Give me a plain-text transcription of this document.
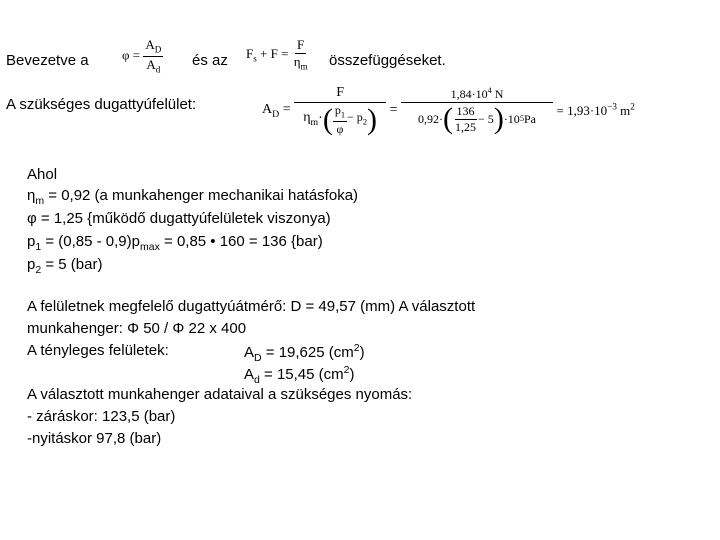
Bevezetve a	$\varphi = \frac{A_D}{A_d}$ és az $F_s + F = \frac{F}{\eta_m}$ összefüggéseket.
A szükséges dugattyúfelület:	$A_D$ =
F
$\eta_m$ · ( $\frac{p_1}{\varphi} - p_2$ ) =
$1,84\cdot 10^4$ N
0,92· ( $\frac{136}{1,25} - 5$ ) ·10 5 Pa
= $1,93\cdot 10^{-3}$ $m^2$
Ahol
$\eta_m = 0,92$ (a munkahenger mechanikai hatásfoka)
φ = 1,25 {működő dugattyúfelületek viszonya)
$p_1 = (0,85 - 0,9)p_{max} = 0,85$ • 160 = 136 {bar)
$p_2 = 5$ (bar)
A felületnek megfelelő dugattyúátmérő: D = 49,57 (mm) A választott
munkahenger: Φ 50 / Φ 22 x 400
A tényleges felületek:	$A_D = 19,625$ $(cm^2)$
$A_d = 15,45$ $(cm^2)$
A választott munkahenger adataival a szükséges nyomás:
- záráskor: 123,5 (bar)
-nyitáskor 97,8 (bar)
